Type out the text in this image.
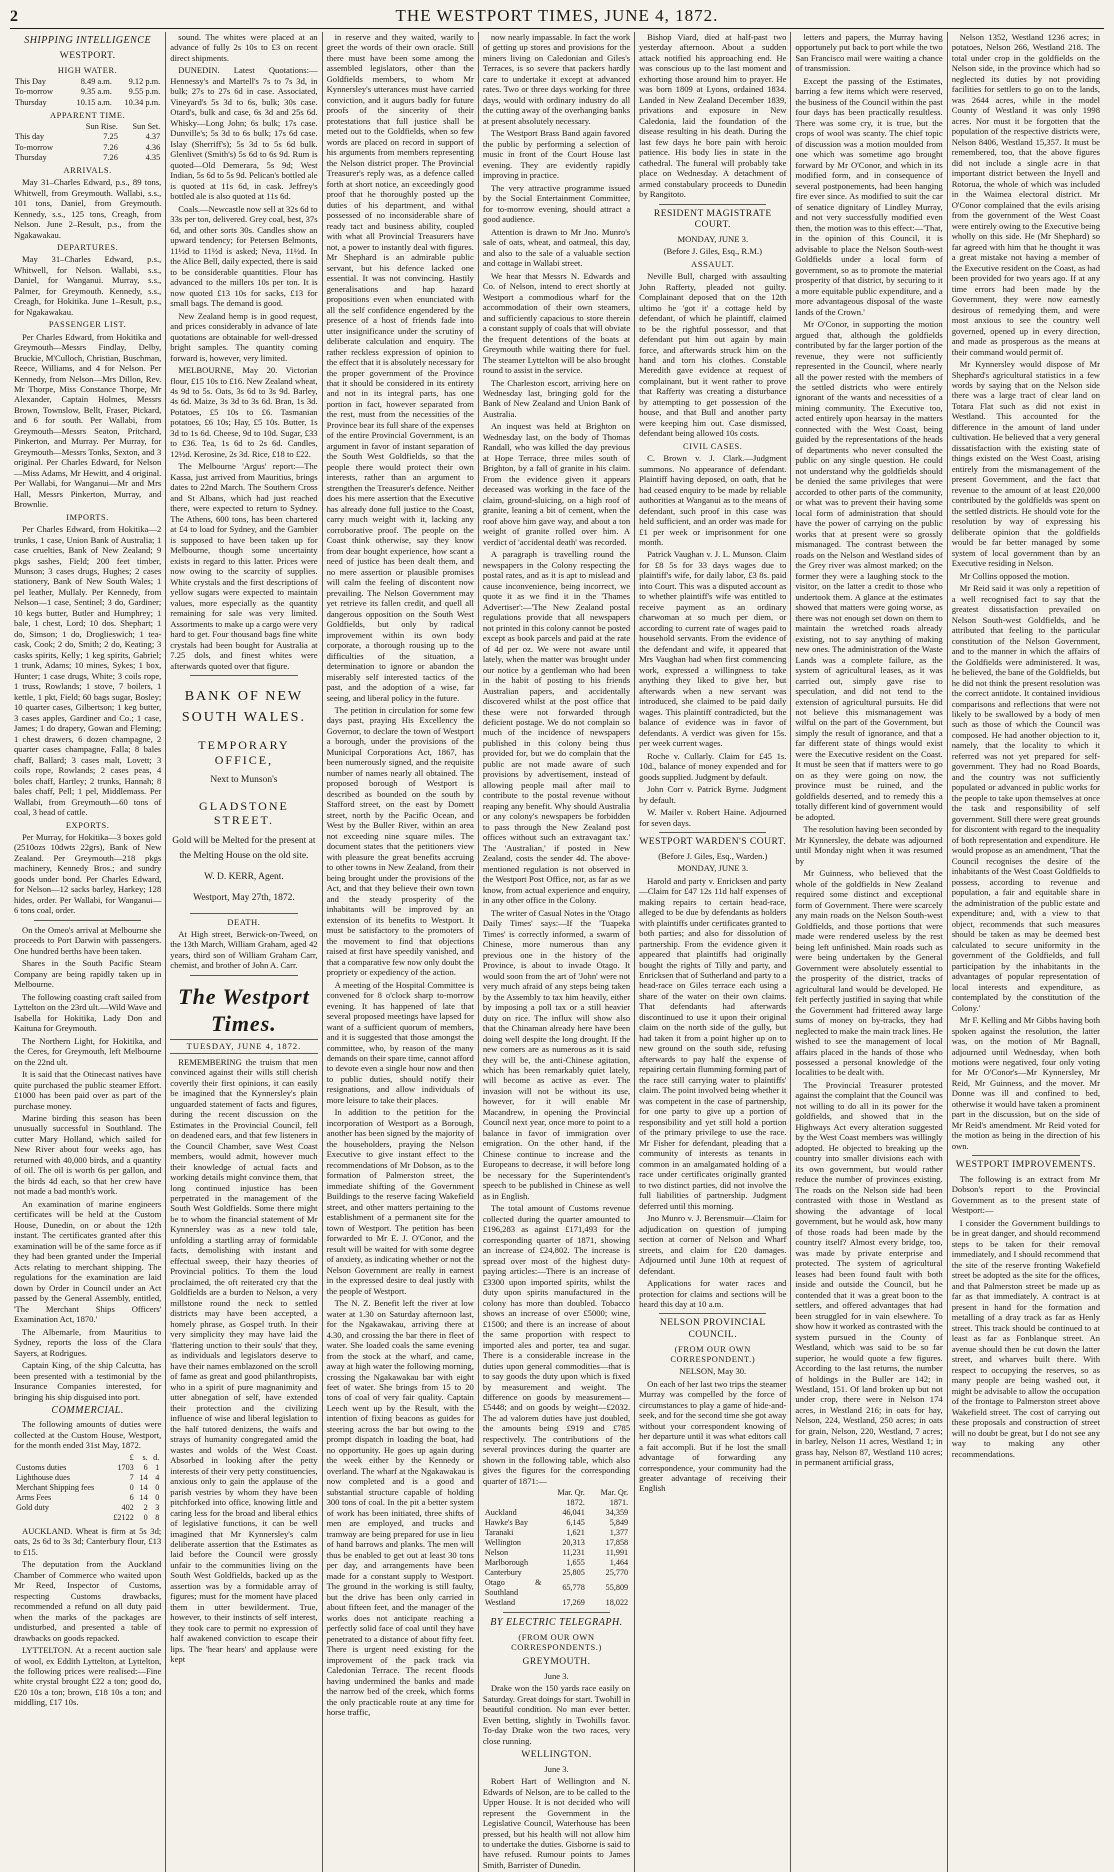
2	THE WESTPORT TIMES, JUNE 4, 1872.
SHIPPING INTELLIGENCE
WESTPORT.
HIGH WATER.
This Day	8.49 a.m.	9.12 p.m.
To-morrow	9.35 a.m.	9.55 p.m.
Thursday	10.15 a.m.	10.34 p.m.
APPARENT TIME.
	Sun Rise.	Sun Set.
This day	7.25	4.37
To-morrow	7.26	4.36
Thursday	7.26	4.35
ARRIVALS.

May 31–Charles Edward, p.s., 89 tons, Whitwell, from Greymouth. Wallabi, s.s., 101 tons, Daniel, from Greymouth. Kennedy, s.s., 125 tons, Creagh, from Nelson. June 2–Result, p.s., from the Ngakawakau.

DEPARTURES.

May 31–Charles Edward, p.s., Whitwell, for Nelson. Wallabi, s.s., Daniel, for Wanganui. Murray, s.s., Palmer, for Greymouth. Kennedy, s.s., Creagh, for Hokitika. June 1–Result, p.s., for Ngakawakau.

PASSENGER LIST.

Per Charles Edward, from Hokitika and Greymouth—Messrs Findlay, Delby, Bruckie, M'Culloch, Christian, Buschman, Reece, Williams, and 4 for Nelson. Per Kennedy, from Nelson—Mrs Dillon, Rev. Mr Thorpe, Miss Constance Thorpe, Mr Alexander, Captain Holmes, Messrs Brown, Townslow, Bellt, Fraser, Pickard, and 6 for south. Per Wallabi, from Greymouth—Messrs Seaton, Pritchard, Pinkerton, and Murray. Per Murray, for Greymouth—Messrs Tonks, Sexton, and 3 original. Per Charles Edward, for Nelson—Miss Adams, Mr Hewitt, and 4 original. Per Wallabi, for Wanganui—Mr and Mrs Hall, Messrs Pinkerton, Murray, and Brownlie.

IMPORTS.

Per Charles Edward, from Hokitika—2 trunks, 1 case, Union Bank of Australia; 1 case cruelties, Bank of New Zealand; 9 pkgs sashes, Field; 200 feet timber, Munson; 3 cases drugs, Hughes; 2 cases stationery, Bank of New South Wales; 1 pel leather, Mullaly. Per Kennedy, from Nelson—1 case, Sentinel; 3 do, Gardiner; 10 kegs butter, Butler and Humphrey; 1 bale, 1 chest, Lord; 10 dos. Shephart; 1 do, Simson; 1 do, Droglieswich; 1 tea-cask, Cook; 2 do, Smith; 2 do, Keating; 3 casks spirits, Kelly; 1 keg spirits, Gabriel; 1 trunk, Adams; 10 mines, Sykes; 1 box, Hunter; 1 case drugs, White; 3 coils rope, 1 truss, Rowlands; 1 stove, 7 boilers, 1 kettle, 1 pkt, Field; 60 bags sugar, Bosley; 10 quarter cases, Gilbertson; 1 keg butter, 3 cases apples, Gardiner and Co.; 1 case, James; 1 do drapery, Gowan and Fleming; 1 chest drawers, 6 dozen champagne, 2 quarter cases champagne, Falla; 8 bales chaff, Ballard; 3 cases malt, Lovett; 3 coils rope, Rowlands; 2 cases peas, 4 boles chaff, Hartley; 2 trunks, Hannah; 8 bales chaff, Pell; 1 pel, Middlemass. Per Wallabi, from Greymouth—60 tons of coal, 3 head of cattle.

EXPORTS.

Per Murray, for Hokitika—3 boxes gold (2510ozs 10dwts 22grs), Bank of New Zealand. Per Greymouth—218 pkgs machinery, Kennedy Bros.; and sundry goods under bond. Per Charles Edward, for Nelson—12 sacks barley, Harkey; 128 hides, order. Per Wallabi, for Wanganui—6 tons coal, order.

On the Omeo's arrival at Melbourne she proceeds to Port Darwin with passengers. One hundred berths have been taken.

Shares in the South Pacific Steam Company are being rapidly taken up in Melbourne.

The following coasting craft sailed from Lyttelton on the 23rd ult.—Wild Wave and Isabella for Hokitika, Lady Don and Kaituna for Greymouth.

The Northern Light, for Hokitika, and the Ceres, for Greymouth, left Melbourne on the 22nd ult.

It is said that the Otinecast natives have quite purchased the public steamer Effort. £1000 has been paid over as part of the purchase money.

Marine birding this season has been unusually successful in Southland. The cutter Mary Holland, which sailed for New River about four weeks ago, has returned with 40,000 birds, and a quantity of oil. The oil is worth 6s per gallon, and the birds 4d each, so that her crew have not made a bad month's work.

An examination of marine engineers certificates will be held at the Custom House, Dunedin, on or about the 12th instant. The certificates granted after this examination will be of the same force as if they had been granted under the Imperial Acts relating to merchant shipping. The regulations for the examination are laid down by Order in Council under an Act passed by the General Assembly, entitled, 'The Merchant Ships Officers' Examination Act, 1870.'

The Albemarle, from Mauritius to Sydney, reports the loss of the Clara Sayers, at Rodrigues.

Captain King, of the ship Calcutta, has been presented with a testimonial by the Insurance Companies interested, for bringing his ship disguised into port.

COMMERCIAL.

The following amounts of duties were collected at the Custom House, Westport, for the month ended 31st May, 1872.

	£	s.	d.
Customs duties	1703	6	1
Lighthouse dues	7	14	4
Merchant Shipping fees	0	14	0
Arms Fees	6	14	0
Gold duty	402	2	3
	£2122	0	8

AUCKLAND. Wheat is firm at 5s 3d; oats, 2s 6d to 3s 3d; Canterbury flour, £13 to £15.

The deputation from the Auckland Chamber of Commerce who waited upon Mr Reed, Inspector of Customs, respecting Customs drawbacks, recommended a refund on all duty paid when the marks of the packages are undisturbed, and presented a table of drawbacks on goods repacked.

LYTTELTON. At a recent auction sale of wool, ex Eddith Lyttelton, at Lyttelton, the following prices were realised:—Fine white crystal brought £22 a ton; good do, £20 10s a ton; brown, £18 10s a ton; and middling, £17 10s.

sound. The whites were placed at an advance of fully 2s 10s to £3 on recent direct shipments.

DUNEDIN. Latest Quotations:—Hennessy's and Martell's 7s to 7s 3d, in bulk; 27s to 27s 6d in case. Associated, Vineyard's 5s 3d to 6s, bulk; 30s case. Otard's, bulk and case, 6s 3d and 25s 6d. Whisky—Long John; 6s bulk; 17s case. Dunville's; 5s 3d to 6s bulk; 17s 6d case. Islay (Sherriff's); 5s 3d to 5s 6d bulk. Glenlivet (Smith's) 5s 6d to 6s 9d. Rum is quoted—Old Demerara, 5s 9d; West Indian, 5s 6d to 5s 9d. Pelican's bottled ale is quoted at 11s 6d, in cask. Jeffrey's bottled ale is also quoted at 11s 6d.

Coals.—Newcastle now sell at 32s 6d to 33s per ton, delivered. Grey coal, best, 37s 6d, and other sorts 30s. Candles show an upward tendency; for Petersen Belmonts, 11½d to 11½d is asked; Neva, 11½d. In the Alice Bell, daily expected, there is said to be considerable quantities. Flour has advanced to the millers 10s per ton. It is now quoted £13 10s for sacks, £13 for small bags. The demand is good.

New Zealand hemp is in good request, and prices considerably in advance of late quotations are obtainable for well-dressed bright samples. The quantity coming forward is, however, very limited.

MELBOURNE, May 20. Victorian flour, £15 10s to £16. New Zealand wheat, 4s 9d to 5s. Oats, 3s 6d to 3s 9d. Barley, 4s 6d. Maize, 3s 3d to 3s 6d. Bran, 1s 3d. Potatoes, £5 10s to £6. Tasmanian potatoes, £6 10s; Hay, £5 10s. Butter, 1s 3d to 1s 6d. Cheese, 9d to 10d. Sugar, £33 to £36. Tea, 1s 6d to 2s 6d. Candles, 12½d. Kerosine, 2s 3d. Rice, £18 to £22.

The Melbourne 'Argus' report:—The Kassa, just arrived from Mauritius, brings dates to 22nd March. The Southern Cross and St Albans, which had just reached there, were expected to return to Sydney. The Athens, 600 tons, has been chartered at £4 to load for Sydney, and the Gambier is supposed to have been taken up for Melbourne, though some uncertainty exists in regard to this latter. Prices were now owing to the scarcity of supplies. White crystals and the first descriptions of yellow sugars were expected to maintain values, more especially as the quantity remaining for sale was very limited. Assortments to make up a cargo were very hard to get. Four thousand bags fine white crystals had been bought for Australia at 7.25 dols, and finest whites were afterwards quoted over that figure.

BANK OF NEW SOUTH WALES.
TEMPORARY OFFICE,
Next to Munson's
GLADSTONE STREET.
Gold will be Melted for the present at the Melting House on the old site.
W. D. KERR, Agent.
Westport, May 27th, 1872.
DEATH.

At High street, Berwick-on-Tweed, on the 13th March, William Graham, aged 42 years, third son of William Graham Carr, chemist, and brother of John A. Carr.

The Westport Times.
TUESDAY, JUNE 4, 1872.

REMEMBERING the truism that men convinced against their wills still cherish covertly their first opinions, it can easily be imagined that the Kynnersley's plain unguarded statement of facts and figures, during the recent discussion on the Estimates in the Provincial Council, fell on deadened ears, and that few listeners in the Council Chamber, save West Coast members, would admit, however much their knowledge of actual facts and working details might convince them, that long continued injustice has been perpetrated in the management of the South West Goldfields. Some there might be to whom the financial statement of Mr Kynnersley was as a new told tale, unfolding a startling array of formidable facts, demolishing with instant and effectual sweep, their hazy theories of Provincial politics. To them the loud proclaimed, the oft reiterated cry that the Goldfields are a burden to Nelson, a very millstone round the neck to settled districts may have been accepted, a homely phrase, as Gospel truth. In their very simplicity they may have laid the 'flattering unction to their souls' that they, as individuals and legislators deserve to have their names emblazoned on the scroll of fame as great and good philanthropists, who in a spirit of pure magnanimity and utter abnegation of self, have extended their protection and the civilizing influence of wise and liberal legislation to the half tutored denizens, the waifs and strays of humanity congregated amid the wastes and wolds of the West Coast. Absorbed in looking after the petty interests of their very petty constituencies, anxious only to gain the applause of the parish vestries by whom they have been pitchforked into office, knowing little and caring less for the broad and liberal ethics of legislative functions, it can be well imagined that Mr Kynnersley's calm deliberate assertion that the Estimates as laid before the Council were grossly unfair to the communities living on the South West Goldfields, backed up as the assertion was by a formidable array of figures; must for the moment have placed them in utter bewilderment. True, however, to their instincts of self interest, they took care to permit no expression of half awakened conviction to escape their lips. The 'hear hears' and applause were kept

in reserve and they waited, warily to greet the words of their own oracle. Still there must have been some among the assembled legislators, other than the Goldfields members, to whom Mr Kynnersley's utterances must have carried conviction, and it augurs badly for future proofs of the sincerity of their protestations that full justice shall be meted out to the Goldfields, when so few words are placed on record in support of his arguments from members representing the Nelson district proper. The Provincial Treasurer's reply was, as a defence called forth at short notice, an exceedingly good proof that he thoroughly posted up the duties of his department, and withal possessed of no inconsiderable share of ready tact and business ability, coupled with what all Provincial Treasurers have not, a power to instantly deal with figures. Mr Shephard is an admirable public servant, but his defence lacked one essential. It was not convincing. Hastily generalisations and hap hazard propositions even when enunciated with all the self confidence engendered by the presence of a host of friends fade into utter insignificance under the scrutiny of deliberate calculation and enquiry. The rather reckless expression of opinion to the effect that it is absolutely necessary for the proper government of the Province that it should be considered in its entirety and not in its integral parts, has one portion in fact, however separated from the rest, must from the necessities of the Province bear its full share of the expenses of the entire Provincial Government, is an argument in favor of instant separation of the South West Goldfields, so that the people there would protect their own interests, rather than an argument to strengthen the Treasurer's defence. Neither does his mere assertion that the Executive has already done full justice to the Coast, carry much weight with it, lacking any corroborative proof. The people on the Coast think otherwise, say they know from dear bought experience, how scant a need of justice has been dealt them, and no mere assertion or plausible promises will calm the feeling of discontent now prevailing. The Nelson Government may yet retrieve its fallen credit, and quell all dangerous opposition on the South West Goldfields, but only by radical improvement within its own body corporate, a thorough rousing up to the difficulties of the situation, a determination to ignore or abandon the miserably self interested tactics of the past, and the adoption of a wise, far seeing, and liberal policy in the future.

The petition in circulation for some few days past, praying His Excellency the Governor, to declare the town of Westport a borough, under the provisions of the Municipal Corporations Act, 1867, has been numerously signed, and the requisite number of names nearly all obtained. The proposed borough of Westport is described as bounded on the south by Stafford street, on the east by Domett street, north by the Pacific Ocean, and West by the Buller River, within an area not exceeding nine square miles. The document states that the petitioners view with pleasure the great benefits accruing to other towns in New Zealand, from their being brought under the provisions of the Act, and that they believe their own town and the steady prosperity of the inhabitants will be improved by an extension of its benefits to Westport. It must be satisfactory to the promoters of the movement to find that objections raised at first have speedily vanished, and that a comparative few now only doubt the propriety or expediency of the action.

A meeting of the Hospital Committee is convened for 8 o'clock sharp to-morrow evening. It has happened of late that several proposed meetings have lapsed for want of a sufficient quorum of members, and it is suggested that those amongst the committee, who, by reason of the many demands on their spare time, cannot afford to devote even a single hour now and then to public duties, should notify their resignations, and allow individuals of more leisure to take their places.

In addition to the petition for the incorporation of Westport as a Borough, another has been signed by the majority of the householders, praying the Nelson Executive to give instant effect to the recommendations of Mr Dobson, as to the formation of Palmerston street, the immediate shifting of the Government Buildings to the reserve facing Wakefield street, and other matters pertaining to the establishment of a permanent site for the town of Westport. The petition has been forwarded to Mr E. J. O'Conor, and the result will be waited for with some degree of anxiety, as indicating whether or not the Nelson Government are really in earnest in the expressed desire to deal justly with the people of Westport.

The N. Z. Benefit left the river at low water at 1.30 on Saturday afternoon last, for the Ngakawakau, arriving there at 4.30, and crossing the bar there in fleet of water. She loaded coals the same evening from the stock at the wharf, and came, away at high water the following morning, crossing the Ngakawakau bar with eight feet of water. She brings from 15 to 20 tons of coal of very fair quality. Captain Leech went up by the Result, with the intention of fixing beacons as guides for steering across the bar but owing to the prompt dispatch in loading the boat, had no opportunity. He goes up again during the week either by the Kennedy or overland. The wharf at the Ngakawakau is now completed and is a good and substantial structure capable of holding 300 tons of coal. In the pit a better system of work has been initiated, three shifts of men are employed, and trucks and tramway are being prepared for use in lieu of hand barrows and planks. The men will thus be enabled to get out at least 30 tons per day, and arrangements have been made for a constant supply to Westport. The ground in the working is still faulty, but the drive has been only carried in about fifteen feet, and the manager of the works does not anticipate reaching a perfectly solid face of coal until they have penetrated to a distance of about fifty feet. There is urgent need existing for the improvement of the pack track via Caledonian Terrace. The recent floods having undermined the banks and made the narrow bed of the creek, which forms the only practicable route at any time for horse traffic,

now nearly impassable. In fact the work of getting up stores and provisions for the miners living on Caledonian and Giles's Terraces, is so severe that packers hardly care to undertake it except at advanced rates. Two or three days working for three days, would with ordinary industry do all the cutting away of the overhanging banks at present absolutely necessary.

The Westport Brass Band again favored the public by performing a selection of music in front of the Court House last evening. They are evidently rapidly improving in practice.

The very attractive programme issued by the Social Entertainment Committee, for to-morrow evening, should attract a good audience.

Attention is drawn to Mr Jno. Munro's sale of oats, wheat, and oatmeal, this day, and also to the sale of a valuable section and cottage in Wallabi street.

We hear that Messrs N. Edwards and Co. of Nelson, intend to erect shortly at Westport a commodious wharf for the accommodation of their own steamers, and sufficiently capacious to store therein a constant supply of coals that will obviate the frequent detentions of the boats at Greymouth while waiting there for fuel. The steamer Lyttelton will be also brought round to assist in the service.

The Charleston escort, arriving here on Wednesday last, bringing gold for the Bank of New Zealand and Union Bank of Australia.

An inquest was held at Brighton on Wednesday last, on the body of Thomas Randall, who was killed the day previous at Hope Terrace, three miles south of Brighton, by a fall of granite in his claim. From the evidence given it appears deceased was working in the face of the claim, ground-sluicing, on a high roof of granite, leaning a bit of cement, when the roof above him gave way, and about a ton weight of granite rolled over him. A verdict of 'accidental death' was recorded.

A paragraph is travelling round the newspapers in the Colony respecting the postal rates, and as it is apt to mislead and cause inconvenience, being incorrect, we quote it as we find it in the 'Thames Advertiser':—'The New Zealand postal regulations provide that all newspapers not printed in this colony cannot be posted except as book parcels and paid at the rate of 4d per oz. We were not aware until lately, when the matter was brought under our notice by a gentleman who had been in the habit of posting to his friends Australian papers, and accidentally discovered whilst at the post office that these were not forwarded through deficient postage. We do not complain so much of the incidence of newspapers published in this colony being thus provided for, but we do complain that the public are not made aware of such provisions by advertisement, instead of allowing people mail after mail to contribute to the postal revenue without reaping any benefit. Why should Australia or any colony's newspapers be forbidden to pass through the New Zealand post offices without such an extravagant tax.' The 'Australian,' if posted in New Zealand, costs the sender 4d. The above-mentioned regulation is not observed in the Westport Post Office, nor, as far as we know, from actual experience and enquiry, in any other office in the Colony.

The writer of Casual Notes in the 'Otago Daily Times' says:—If the 'Tuapeka Times' is correctly informed, a swarm of Chinese, more numerous than any previous one in the history of the Province, is about to invade Otago. It would soon from the art of 'John' were not very much afraid of any steps being taken by the Assembly to tax him heavily, either by imposing a poll tax or a still heavier duty on rice. The influx will show also that the Chinaman already here have been doing well despite the long drought. If the new comers are as numerous as it is said they will be, the anti-Chinese agitation, which has been remarkably quiet lately, will become as active as ever. The invasion will not be without its use, however, for it will enable Mr Macandrew, in opening the Provincial Council next year, once more to point to a balance in favor of immigration over emigration. On the other hand, if the Chinese continue to increase and the Europeans to decrease, it will before long be necessary for the Superintendent's speech to be published in Chinese as well as in English.

The total amount of Customs revenue collected during the quarter amounted to £196,283 as against £171,493 for the corresponding quarter of 1871, showing an increase of £24,802. The increase is spread over most of the highest duty-paying articles:—There is an increase of £3300 upon imported spirits, whilst the duty upon spirits manufactured in the colony has more than doubled. Tobacco shows an increase of over £5000; wine, £1500; and there is an increase of about the same proportion with respect to imported ales and porter, tea and sugar. There is a considerable increase in the duties upon general commodities—that is to say goods the duty upon which is fixed by measurement and weight. The difference on goods by measurement—£5448; and on goods by weight—£2032. The ad valorem duties have just doubled, the amounts being £919 and £785 respectively. The contributions of the several provinces during the quarter are shown in the following table, which also gives the figures for the corresponding quarter of 1871:—

	Mar. Qr. 1872.	Mar. Qr. 1871.
Auckland	46,041	34,359
Hawke's Bay	6,145	5,849
Taranaki	1,621	1,377
Wellington	20,313	17,858
Nelson	11,231	11,991
Marlborough	1,655	1,464
Canterbury	25,805	25,770
Otago & Southland	65,778	55,809
Westland	17,269	18,022
BY ELECTRIC TELEGRAPH.
(FROM OUR OWN CORRESPONDENTS.)
GREYMOUTH.

June 3.

Drake won the 150 yards race easily on Saturday. Great doings for start. Twohill in beautiful condition. No man ever better. Even betting, slightly in Twohills favor. To-day Drake won the two races, very close running.

WELLINGTON.

June 3.

Robert Hart of Wellington and N. Edwards of Nelson, are to be called to the Upper House. It is not decided who will represent the Government in the Legislative Council, Waterhouse has been pressed, but his health will not allow him to undertake the duties. Gisborne is said to have refused. Rumour points to James Smith, Barrister of Dunedin.

Bishop Viard, died at half-past two yesterday afternoon. About a sudden attack notified his approaching end. He was conscious up to the last moment and exhorting those around him to prayer. He was born 1809 at Lyons, ordained 1834. Landed in New Zealand December 1839, privations and exposure in New Caledonia, laid the foundation of the disease resulting in his death. During the last few days he bore pain with heroic patience. His body lies in state in the cathedral. The funeral will probably take place on Wednesday. A detachment of armed constabulary proceeds to Dunedin by Rangitoto.

RESIDENT MAGISTRATE COURT.

MONDAY, JUNE 3.

(Before J. Giles, Esq., R.M.)

ASSAULT.

Neville Bull, charged with assaulting John Rafferty, pleaded not guilty. Complainant deposed that on the 12th ultimo he 'got it' a cottage held by defendant, of which he plaintiff, claimed to be the rightful possessor, and that defendant put him out again by main force, and afterwards struck him on the hand and torn his clothes. Constable Meredith gave evidence at request of complainant, but it went rather to prove that Rafferty was creating a disturbance by attempting to get possession of the house, and that Bull and another party were keeping him out. Case dismissed, defendant being allowed 10s costs.

CIVIL CASES.

C. Brown v. J. Clark.—Judgment summons. No appearance of defendant. Plaintiff having deposed, on oath, that he had ceased enquiry to be made by reliable authorities at Wanganui as to the means of defendant, such proof in this case was held sufficient, and an order was made for £1 per week or imprisonment for one month.

Patrick Vaughan v. J. L. Munson. Claim for £8 5s for 33 days wages due to plaintiff's wife, for daily labor, £3 8s. paid into Court. This was a disputed account as to whether plaintiff's wife was entitled to receive payment as an ordinary charwoman at so much per diem, or according to current rate of wages paid to household servants. From the evidence of the defendant and wife, it appeared that Mrs Vaughan had when first commencing work, expressed a willingness to take anything they liked to give her, but afterwards when a new servant was introduced, she claimed to be paid daily wages. This plaintiff contradicted, but the balance of evidence was in favor of defendants. A verdict was given for 15s. per week current wages.

Roche v. Cullarly. Claim for £45 1s. 10d., balance of money expended and for goods supplied. Judgment by default.

John Corr v. Patrick Byrne. Judgment by default.

W. Mailer v. Robert Haine. Adjourned for seven days.

WESTPORT WARDEN'S COURT.

(Before J. Giles, Esq., Warden.)

MONDAY, JUNE 3.

Harold and party v. Enricksen and party—Claim for £47 12s 11d half expenses of making repairs to certain head-race, alleged to be due by defendants as holders with plaintiffs under certificates granted to both parties; and also for dissolution of partnership. From the evidence given it appeared that plaintiffs had originally bought the rights of Tilly and party, and Enricksen that of Sutherland and party to a head-race on Giles terrace each using a share of the water on their own claims. That defendants had afterwards discontinued to use it upon their original claim on the north side of the gully, but had taken it from a point higher up on to new ground on the south side, refusing afterwards to pay half the expense of repairing certain flumming forming part of the race still carrying water to plaintiffs' claim. The point involved being whether it was competent in the case of partnership, for one party to give up a portion of responsibility and yet still hold a portion of the primary privilege to use the race. Mr Fisher for defendant, pleading that a community of interests as tenants in common in an amalgamated holding of a race under certificates originally granted to two distinct parties, did not involve the full liabilities of partnership. Judgment deferred until this morning.

Jno Munro v. J. Berensmuir—Claim for adjudication on question of jumping section at corner of Nelson and Wharf streets, and claim for £20 damages. Adjourned until June 10th at request of defendant.

Applications for water races and protection for claims and sections will be heard this day at 10 a.m.

NELSON PROVINCIAL COUNCIL.
(FROM OUR OWN CORRESPONDENT.)

NELSON, May 30.

On each of her last two trips the steamer Murray was compelled by the force of circumstances to play a game of hide-and-seek, and for the second time she got away without your correspondent knowing of her departure until it was what editors call a fait accompli. But if he lost the small advantage of forwarding any correspondence, your community had the greater advantage of receiving their English

letters and papers, the Murray having opportunely put back to port while the two San Francisco mail were waiting a chance of transmission.

Except the passing of the Estimates, barring a few items which were reserved, the business of the Council within the past four days has been practically resultless. There was some cry, it is true, but the crops of wool was scanty. The chief topic of discussion was a motion moulded from one which was sometime ago brought forward by Mr O'Conor, and which in its modified form, and in consequence of several postponements, had been hanging fire ever since. As modified to suit the car of senatice dignitary of Lindley Murray, and not very successfully modified even then, the motion was to this effect:—'That, in the opinion of this Council, it is advisable to place the Nelson South-west Goldfields under a local form of government, so as to promote the material prosperity of that district, by securing to it a more equitable public expenditure, and a more advantageous disposal of the waste lands of the Crown.'

Mr O'Conor, in supporting the motion argued that, although the goldfields contributed by far the larger portion of the revenue, they were not sufficiently represented in the Council, where nearly all the power rested with the members of the settled districts who were entirely ignorant of the wants and necessities of a mining community. The Executive too, acted entirely upon hearsay in the matters connected with the West Coast, being guided by the representations of the heads of departments who never consulted the public on any single question. He could not understand why the goldfields should be denied the same privileges that were accorded to other parts of the community, or what was to prevent their having some local form of administration that should have the power of carrying on the public works that at present were so grossly mismanaged. The contrast between the roads on the Nelson and Westland sides of the Grey river was almost marked; on the former they were a laughing stock to the visitor, on the latter a credit to those who undertook them. A glance at the estimates showed that matters were going worse, as there was not enough set down on them to maintain the wretched roads already existing, not to say anything of making new ones. The administration of the Waste Lands was a complete failure, as the system of agricultural leases, as it was carried out, simply gave rise to speculation, and did not tend to the extension of agricultural pursuits. He did not believe this mismanagement was wilful on the part of the Government, but simply the result of ignorance, and that a far different state of things would exist were the Executive resident on the Coast. It must be seen that if matters were to go on as they were going on now, the province must be ruined, and the goldfields deserted, and to remedy this a totally different kind of government would be adopted.

The resolution having been seconded by Mr Kynnersley, the debate was adjourned until Monday night when it was resumed by

Mr Guinness, who believed that the whole of the goldfields in New Zealand required some distinct and exceptional form of Government. There were scarcely any main roads on the Nelson South-west Goldfields, and those portions that were made were rendered useless by the rest being left unfinished. Main roads such as were being undertaken by the General Government were absolutely essential to the prosperity of the district, tracks of agricultural land would be developed. He felt perfectly justified in saying that while the Government had frittered away large sums of money on by-tracks, they had neglected to make the main track lines. He wished to see the management of local affairs placed in the hands of those who possessed a personal knowledge of the localities to be dealt with.

The Provincial Treasurer protested against the complaint that the Council was not willing to do all in its power for the goldfields, and showed that in the Highways Act every alteration suggested by the West Coast members was willingly adopted. He objected to breaking up the country into smaller divisions each with its own government, but would rather reduce the number of provinces existing. The roads on the Nelson side had been contrasted with those in Westland as showing the advantage of local government, but he would ask, how many of those roads had been made by the country itself? Almost every bridge, too, was made by private enterprise and protected. The system of agricultural leases had been found fault with both inside and outside the Council, but he contended that it was a great boon to the settlers, and offered advantages that had been struggled for in vain elsewhere. To show how it worked as contrasted with the system pursued in the County of Westland, which was said to be so far superior, he would quote a few figures. According to the last returns, the number of holdings in the Buller are 142; in Westland, 151. Of land broken up but not under crop, there were in Nelson 174 acres, in Westland 216; in oats for hay, Nelson, 224, Westland, 250 acres; in oats for grain, Nelson, 220, Westland, 7 acres; in barley, Nelson 11 acres, Westland 1; in grass hay, Nelson 87, Westland 110 acres; in permanent artificial grass,

Nelson 1352, Westland 1236 acres; in potatoes, Nelson 266, Westland 218. The total under crop in the goldfields on the Nelson side, in the province which had so neglected its duties by not providing facilities for settlers to go on to the lands, was 2644 acres, while in the model County of Westland it was only 1998 acres. Nor must it be forgotten that the population of the respective districts were, Nelson 8406, Westland 15,357. It must be remembered, too, that the above figures did not include a single acre in that important district between the Inyell and Rotorua, the whole of which was included in the Waimea electoral district. Mr O'Conor complained that the evils arising from the government of the West Coast were entirely owing to the Executive being wholly on this side. He (Mr Shephard) so far agreed with him that he thought it was a great mistake not having a member of the Executive resident on the Coast, as had been provided for two years ago. If at any time errors had been made by the Government, they were now earnestly desirous of remedying them, and were most anxious to see the country well governed, opened up in every direction, and made as prosperous as the means at their command would permit of.

Mr Kynnersley would dispose of Mr Shephard's agricultural statistics in a few words by saying that on the Nelson side there was a large tract of clear land on Totara Flat such as did not exist in Westland. This accounted for the difference in the amount of land under cultivation. He believed that a very general dissatisfaction with the existing state of things existed on the West Coast, arising entirely from the mismanagement of the present Government, and the fact that revenue to the amount of at least £20,000 contributed by the goldfields was spent on the settled districts. He should vote for the resolution by way of expressing his deliberate opinion that the goldfields would be far better managed by some system of local government than by an Executive residing in Nelson.

Mr Collins opposed the motion.

Mr Reid said it was only a repetition of a well recognised fact to say that the greatest dissatisfaction prevailed on Nelson South-west Goldfields, and he attributed that feeling to the particular constitution of the Nelson Government, and to the manner in which the affairs of the Goldfields were administered. It was, he believed, the bane of the Goldfields, but he did not think the present resolution was the correct antidote. It contained invidious comparisons and reflections that were not likely to be swallowed by a body of men such as those of which the Council was composed. He had another objection to it, namely, that the locality to which it referred was not yet prepared for self-government. They had no Road Boards, and the country was not sufficiently populated or advanced in public works for the people to take upon themselves at once the task and responsibility of self government. Still there were great grounds for discontent with regard to the inequality of both representation and expenditure. He would propose as an amendment, 'That the Council recognises the desire of the inhabitants of the West Coast Goldfields to possess, according to revenue and population, a fair and equitable share in the administration of the public estate and expenditure; and, with a view to that object, recommends that such measures should be taken as may be deemed best calculated to secure uniformity in the government of the Goldfields, and full participation by the inhabitants in the advantages of popular representation of local interests and expenditure, as contemplated by the constitution of the Colony.'

Mr F. Kelling and Mr Gibbs having both spoken against the resolution, the latter was, on the motion of Mr Bagnall, adjourned until Wednesday, when both motions were negatived, four only voting for Mr O'Conor's—Mr Kynnersley, Mr Reid, Mr Guinness, and the mover. Mr Donne was ill and confined to bed, otherwise it would have taken a prominent part in the discussion, but on the side of Mr Reid's amendment. Mr Reid voted for the motion as being in the direction of his own.

WESTPORT IMPROVEMENTS.

The following is an extract from Mr Dobson's report to the Provincial Government as to the present state of Westport:—

I consider the Government buildings to be in great danger, and should recommend steps to be taken for their removal immediately, and I should recommend that the site of the reserve fronting Wakefield street be adopted as the site for the offices, and that Palmerston street be made up as far as that immediately. A contract is at present in hand for the formation and metalling of a dray track as far as Henly street. This track should be continued to at least as far as Fonblanque street. An avenue should then be cut down the latter street, and wharves built there. With respect to occupying the reserves, so as many people are being washed out, it might be advisable to allow the occupation of the frontage to Palmerston street above Wakefield street. The cost of carrying out these proposals and construction of street will no doubt be great, but I do not see any way to making any other recommendations.
